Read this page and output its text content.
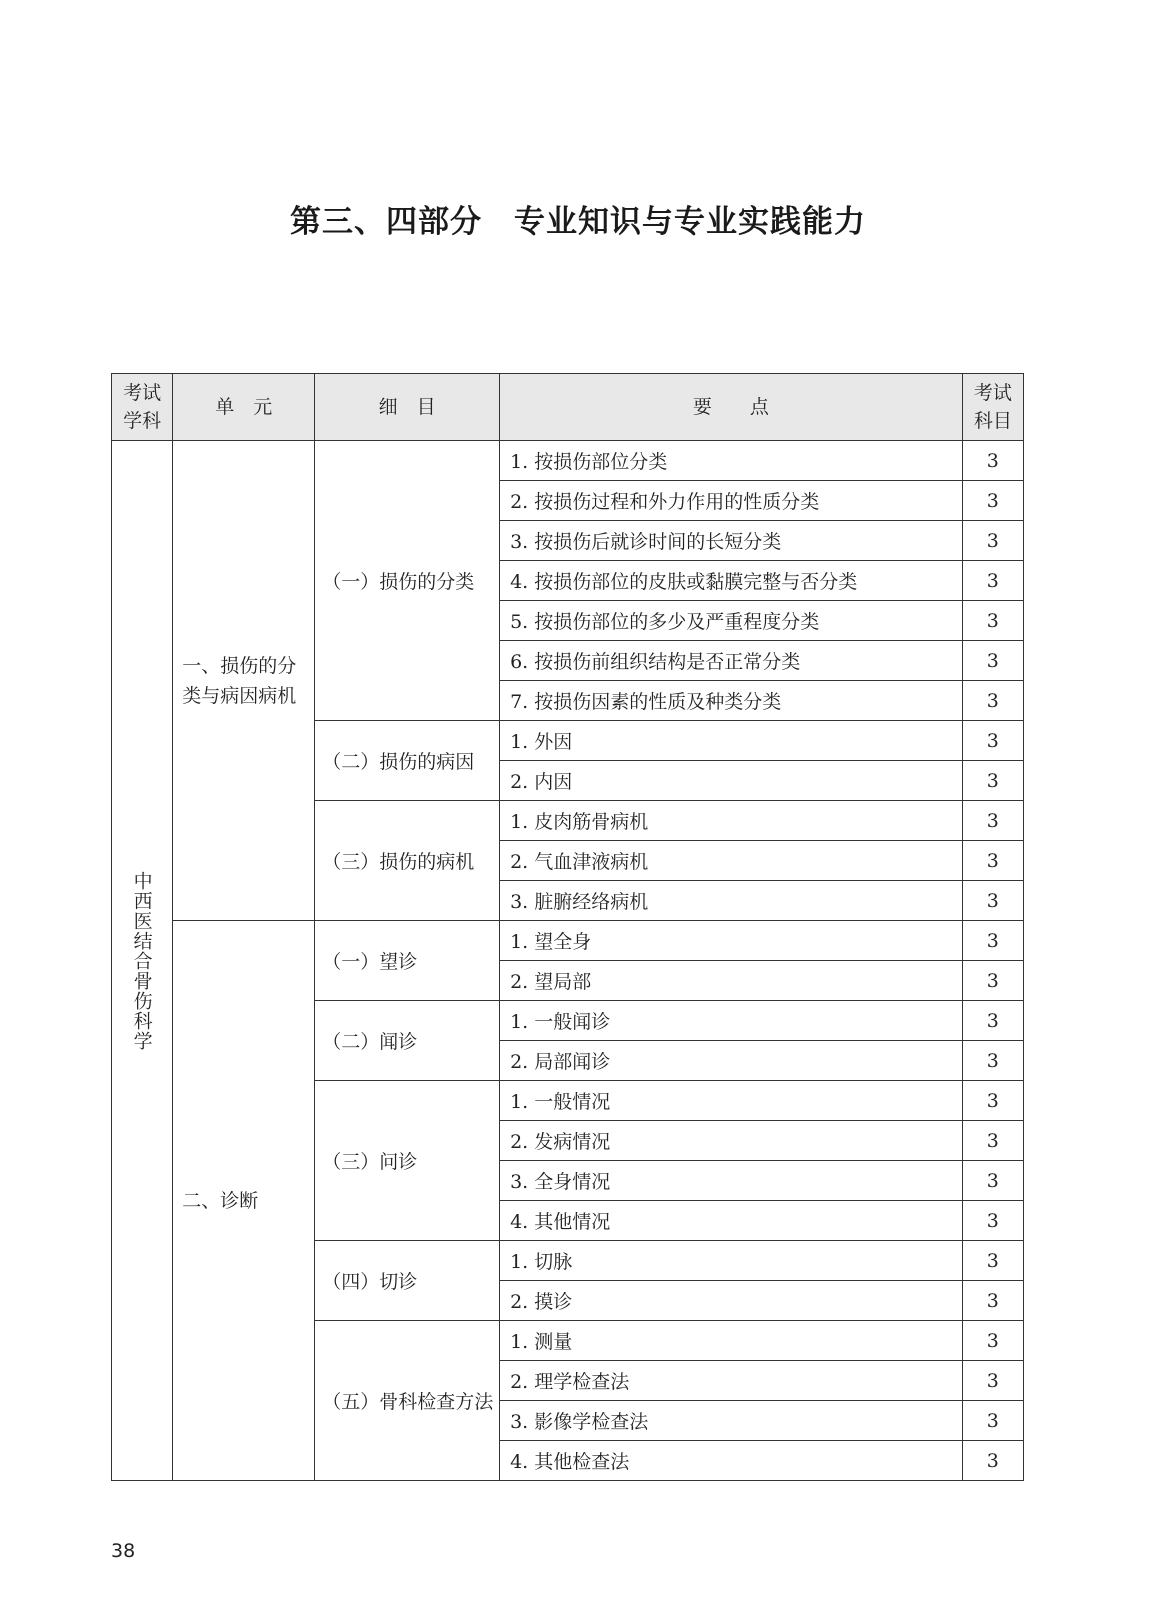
第三、四部分　专业知识与专业实践能力
考试
学科	单　元	细　目	要　　点	考试
科目

中西医结合骨伤科学	一、损伤的分类与病因病机	（一）损伤的分类	1. 按损伤部位分类	3
			2. 按损伤过程和外力作用的性质分类	3
			3. 按损伤后就诊时间的长短分类	3
			4. 按损伤部位的皮肤或黏膜完整与否分类	3
			5. 按损伤部位的多少及严重程度分类	3
			6. 按损伤前组织结构是否正常分类	3
			7. 按损伤因素的性质及种类分类	3
		（二）损伤的病因	1. 外因	3
			2. 内因	3
		（三）损伤的病机	1. 皮肉筋骨病机	3
			2. 气血津液病机	3
			3. 脏腑经络病机	3
	二、诊断	（一）望诊	1. 望全身	3
			2. 望局部	3
		（二）闻诊	1. 一般闻诊	3
			2. 局部闻诊	3
		（三）问诊	1. 一般情况	3
			2. 发病情况	3
			3. 全身情况	3
			4. 其他情况	3
		（四）切诊	1. 切脉	3
			2. 摸诊	3
		（五）骨科检查方法	1. 测量	3
			2. 理学检查法	3
			3. 影像学检查法	3
			4. 其他检查法	3
38
